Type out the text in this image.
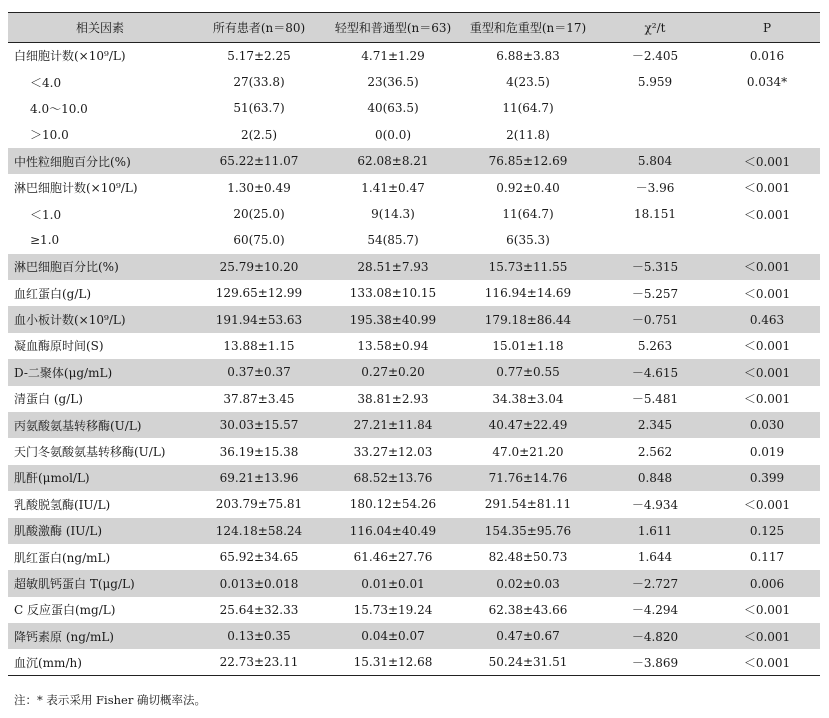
相关因素	所有患者(n＝80)	轻型和普通型(n＝63)	重型和危重型(n＝17)	χ²/t	P
白细胞计数(×10⁹/L)	5.17±2.25	4.71±1.29	6.88±3.83	－2.405	0.016
＜4.0	27(33.8)	23(36.5)	4(23.5)	5.959	0.034*
4.0～10.0	51(63.7)	40(63.5)	11(64.7)		
＞10.0	2(2.5)	0(0.0)	2(11.8)		
中性粒细胞百分比(%)	65.22±11.07	62.08±8.21	76.85±12.69	5.804	＜0.001
淋巴细胞计数(×10⁹/L)	1.30±0.49	1.41±0.47	0.92±0.40	－3.96	＜0.001
＜1.0	20(25.0)	9(14.3)	11(64.7)	18.151	＜0.001
≥1.0	60(75.0)	54(85.7)	6(35.3)		
淋巴细胞百分比(%)	25.79±10.20	28.51±7.93	15.73±11.55	－5.315	＜0.001
血红蛋白(g/L)	129.65±12.99	133.08±10.15	116.94±14.69	－5.257	＜0.001
血小板计数(×10⁹/L)	191.94±53.63	195.38±40.99	179.18±86.44	－0.751	0.463
凝血酶原时间(S)	13.88±1.15	13.58±0.94	15.01±1.18	5.263	＜0.001
D-二聚体(μg/mL)	0.37±0.37	0.27±0.20	0.77±0.55	－4.615	＜0.001
清蛋白 (g/L)	37.87±3.45	38.81±2.93	34.38±3.04	－5.481	＜0.001
丙氨酸氨基转移酶(U/L)	30.03±15.57	27.21±11.84	40.47±22.49	2.345	0.030
天门冬氨酸氨基转移酶(U/L)	36.19±15.38	33.27±12.03	47.0±21.20	2.562	0.019
肌酐(μmol/L)	69.21±13.96	68.52±13.76	71.76±14.76	0.848	0.399
乳酸脱氢酶(IU/L)	203.79±75.81	180.12±54.26	291.54±81.11	－4.934	＜0.001
肌酸激酶 (IU/L)	124.18±58.24	116.04±40.49	154.35±95.76	1.611	0.125
肌红蛋白(ng/mL)	65.92±34.65	61.46±27.76	82.48±50.73	1.644	0.117
超敏肌钙蛋白 T(μg/L)	0.013±0.018	0.01±0.01	0.02±0.03	－2.727	0.006
C 反应蛋白(mg/L)	25.64±32.33	15.73±19.24	62.38±43.66	－4.294	＜0.001
降钙素原 (ng/mL)	0.13±0.35	0.04±0.07	0.47±0.67	－4.820	＜0.001
血沉(mm/h)	22.73±23.11	15.31±12.68	50.24±31.51	－3.869	＜0.001
注：* 表示采用 Fisher 确切概率法。
